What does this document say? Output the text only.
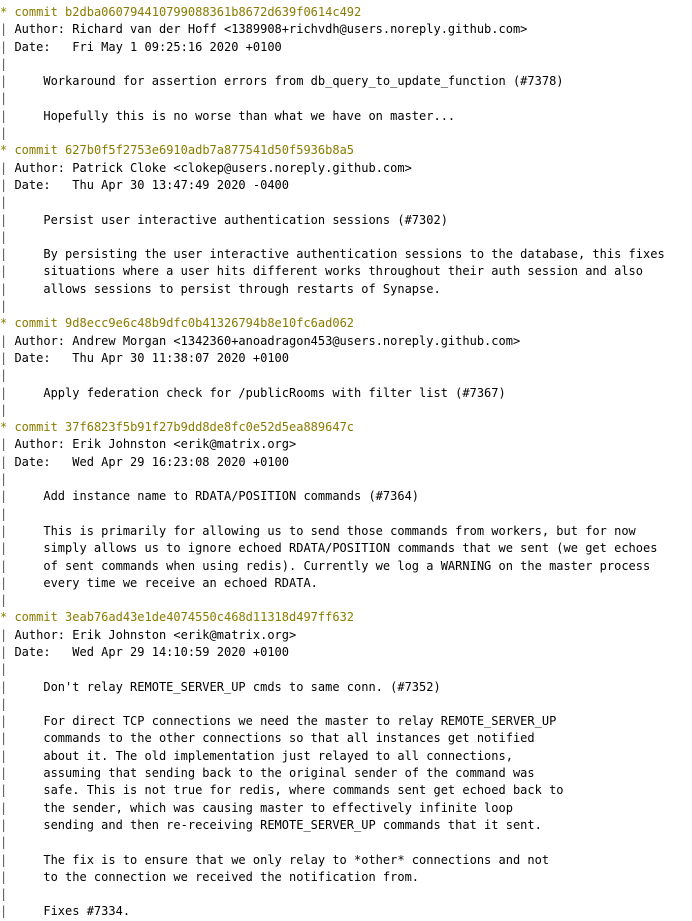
* commit b2dba060794410799088361b8672d639f0614c492
| Author: Richard van der Hoff <1389908+richvdh@users.noreply.github.com>
| Date:   Fri May 1 09:25:16 2020 +0100
|
|     Workaround for assertion errors from db_query_to_update_function (#7378)
|
|     Hopefully this is no worse than what we have on master...
|
* commit 627b0f5f2753e6910adb7a877541d50f5936b8a5
| Author: Patrick Cloke <clokep@users.noreply.github.com>
| Date:   Thu Apr 30 13:47:49 2020 -0400
|
|     Persist user interactive authentication sessions (#7302)
|
|     By persisting the user interactive authentication sessions to the database, this fixes
|     situations where a user hits different works throughout their auth session and also
|     allows sessions to persist through restarts of Synapse.
|
* commit 9d8ecc9e6c48b9dfc0b41326794b8e10fc6ad062
| Author: Andrew Morgan <1342360+anoadragon453@users.noreply.github.com>
| Date:   Thu Apr 30 11:38:07 2020 +0100
|
|     Apply federation check for /publicRooms with filter list (#7367)
|
* commit 37f6823f5b91f27b9dd8de8fc0e52d5ea889647c
| Author: Erik Johnston <erik@matrix.org>
| Date:   Wed Apr 29 16:23:08 2020 +0100
|
|     Add instance name to RDATA/POSITION commands (#7364)
|
|     This is primarily for allowing us to send those commands from workers, but for now
|     simply allows us to ignore echoed RDATA/POSITION commands that we sent (we get echoes
|     of sent commands when using redis). Currently we log a WARNING on the master process
|     every time we receive an echoed RDATA.
|
* commit 3eab76ad43e1de4074550c468d11318d497ff632
| Author: Erik Johnston <erik@matrix.org>
| Date:   Wed Apr 29 14:10:59 2020 +0100
|
|     Don't relay REMOTE_SERVER_UP cmds to same conn. (#7352)
|
|     For direct TCP connections we need the master to relay REMOTE_SERVER_UP
|     commands to the other connections so that all instances get notified
|     about it. The old implementation just relayed to all connections,
|     assuming that sending back to the original sender of the command was
|     safe. This is not true for redis, where commands sent get echoed back to
|     the sender, which was causing master to effectively infinite loop
|     sending and then re-receiving REMOTE_SERVER_UP commands that it sent.
|
|     The fix is to ensure that we only relay to *other* connections and not
|     to the connection we received the notification from.
|
|     Fixes #7334.
